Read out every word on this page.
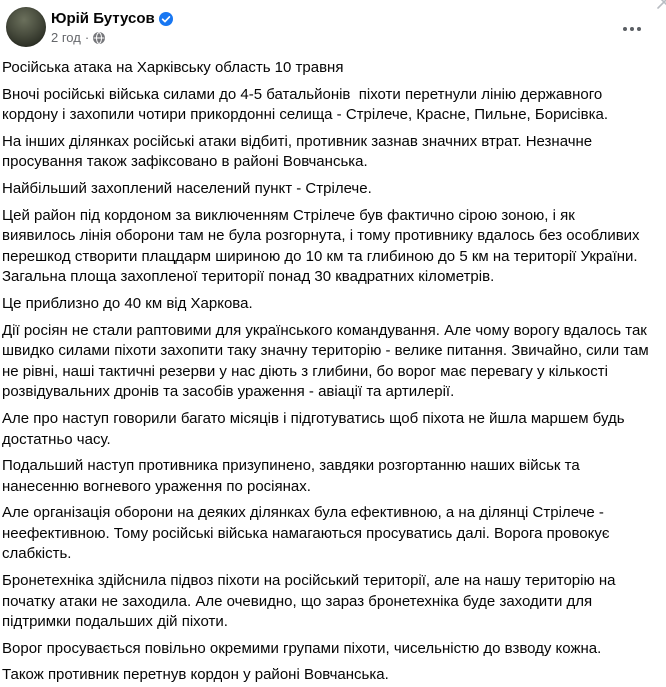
Юрій Бутусов
2 год ·

Російська атака на Харківську область 10 травня

Вночі російські війська силами до 4-5 батальйонів  піхоти перетнули лінію державного кордону і захопили чотири прикордонні селища - Стрілече, Красне, Пильне, Борисівка.

На інших ділянках російські атаки відбиті, противник зазнав значних втрат. Незначне просування також зафіксовано в районі Вовчанська.

Найбільший захоплений населений пункт - Стрілече.

Цей район під кордоном за виключенням Стрілече був фактично сірою зоною, і як виявилось лінія оборони там не була розгорнута, і тому противнику вдалось без особливих перешкод створити плацдарм шириною до 10 км та глибиною до 5 км на території України. Загальна площа захопленої території понад 30 квадратних кілометрів.

Це приблизно до 40 км від Харкова.

Дії росіян не стали раптовими для українського командування. Але чому ворогу вдалось так швидко силами піхоти захопити таку значну територію - велике питання. Звичайно, сили там не рівні, наші тактичні резерви у нас діють з глибини, бо ворог має перевагу у кількості розвідувальних дронів та засобів ураження - авіації та артилерії.

Але про наступ говорили багато місяців і підготуватись щоб піхота не йшла маршем будь достатньо часу.

Подальший наступ противника призупинено, завдяки розгортанню наших військ та нанесенню вогневого ураження по росіянах.

Але організація оборони на деяких ділянках була ефективною, а на ділянці Стрілече - неефективною. Тому російські війська намагаються просуватись далі. Ворога провокує слабкість.

Бронетехніка здійснила підвоз піхоти на російський території, але на нашу територію на початку атаки не заходила. Але очевидно, що зараз бронетехніка буде заходити для підтримки подальших дій піхоти.

Ворог просувається повільно окремими групами піхоти, чисельністю до взводу кожна.

Також противник перетнув кордон у районі Вовчанська.
